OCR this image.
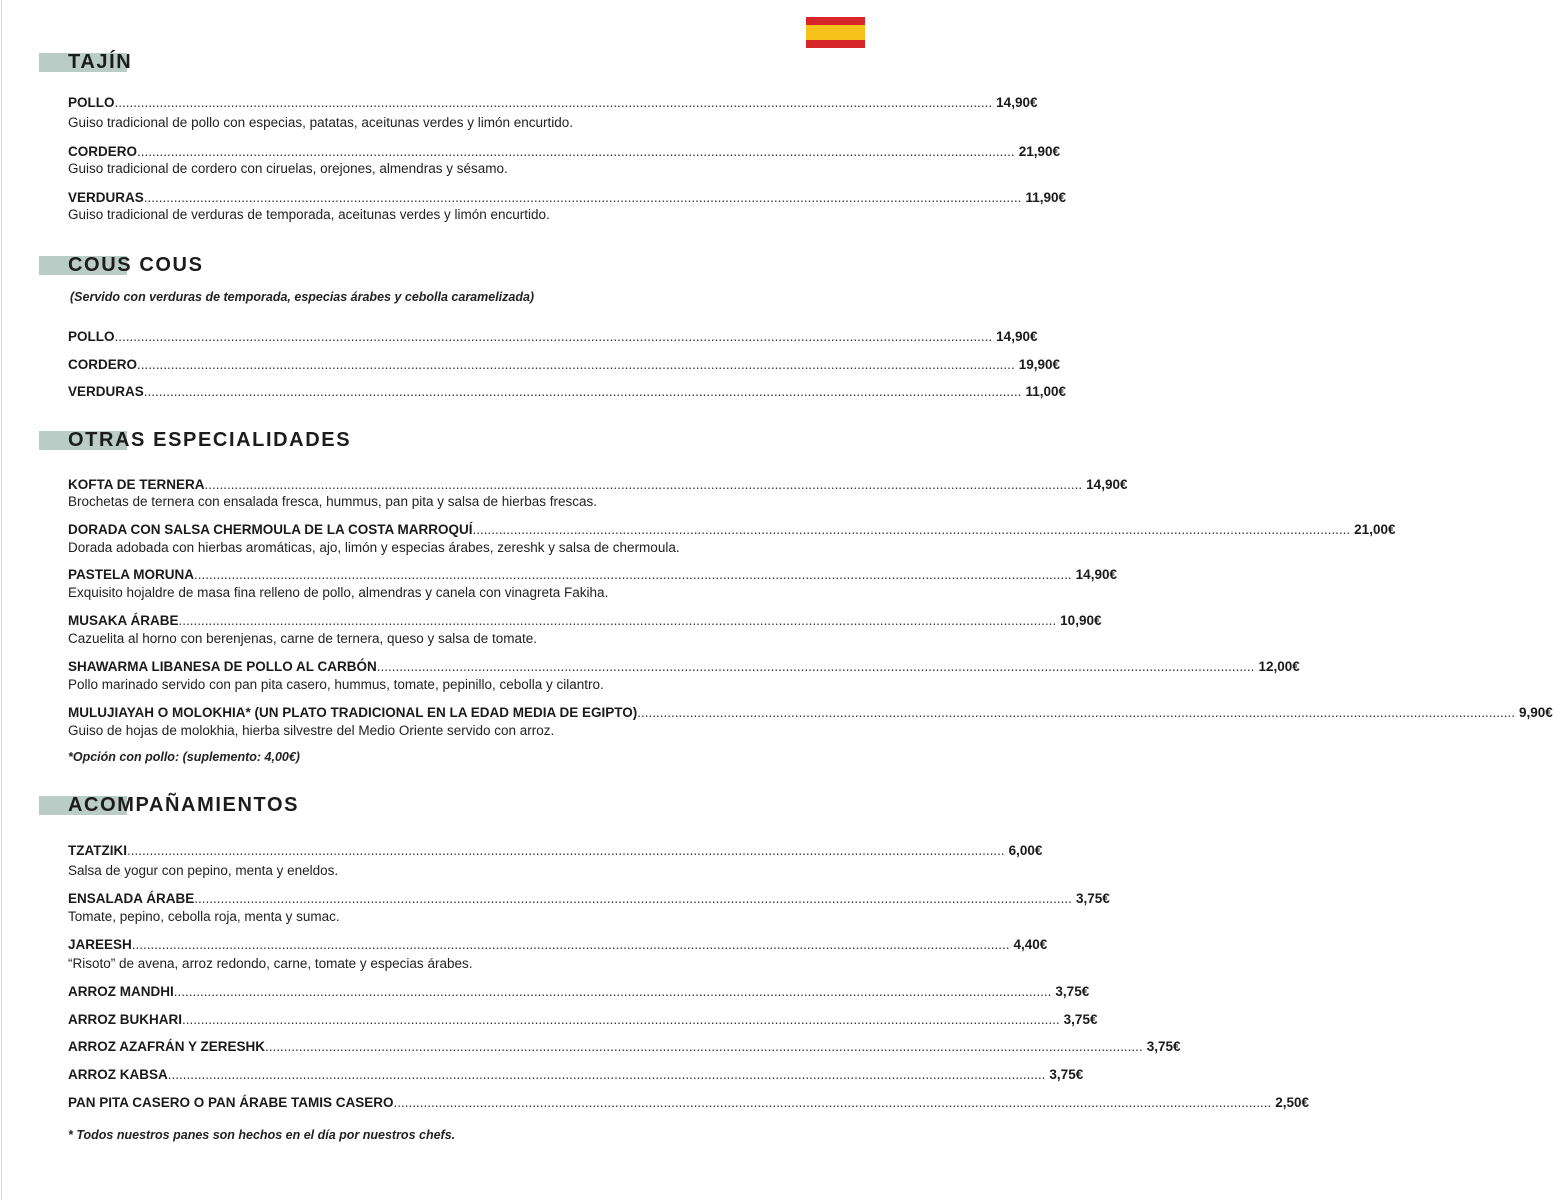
TAJÍN
POLLO .......................................................................................................................................................................................................................................... 14,90€
Guiso tradicional de pollo con especias, patatas, aceitunas verdes y limón encurtido.
CORDERO .......................................................................................................................................................................................................................................... 21,90€
Guiso tradicional de cordero con ciruelas, orejones, almendras y sésamo.
VERDURAS .......................................................................................................................................................................................................................................... 11,90€
Guiso tradicional de verduras de temporada, aceitunas verdes y limón encurtido.
COUS COUS
(Servido con verduras de temporada, especias árabes y cebolla caramelizada)
POLLO .......................................................................................................................................................................................................................................... 14,90€
CORDERO .......................................................................................................................................................................................................................................... 19,90€
VERDURAS .......................................................................................................................................................................................................................................... 11,00€
OTRAS ESPECIALIDADES
KOFTA DE TERNERA .......................................................................................................................................................................................................................................... 14,90€
Brochetas de ternera con ensalada fresca, hummus, pan pita y salsa de hierbas frescas.
DORADA CON SALSA CHERMOULA DE LA COSTA MARROQUÍ .......................................................................................................................................................................................................................................... 21,00€
Dorada adobada con hierbas aromáticas, ajo, limón y especias árabes, zereshk y salsa de chermoula.
PASTELA MORUNA .......................................................................................................................................................................................................................................... 14,90€
Exquisito hojaldre de masa fina relleno de pollo, almendras y canela con vinagreta Fakiha.
MUSAKA ÁRABE .......................................................................................................................................................................................................................................... 10,90€
Cazuelita al horno con berenjenas, carne de ternera, queso y salsa de tomate.
SHAWARMA LIBANESA DE POLLO AL CARBÓN .......................................................................................................................................................................................................................................... 12,00€
Pollo marinado servido con pan pita casero, hummus, tomate, pepinillo, cebolla y cilantro.
MULUJIAYAH O MOLOKHIA* (UN PLATO TRADICIONAL EN LA EDAD MEDIA DE EGIPTO) .......................................................................................................................................................................................................................................... 9,90€
Guiso de hojas de molokhia, hierba silvestre del Medio Oriente servido con arroz.
*Opción con pollo: (suplemento: 4,00€)
ACOMPAÑAMIENTOS
TZATZIKI .......................................................................................................................................................................................................................................... 6,00€
Salsa de yogur con pepino, menta y eneldos.
ENSALADA ÁRABE .......................................................................................................................................................................................................................................... 3,75€
Tomate, pepino, cebolla roja, menta y sumac.
JAREESH .......................................................................................................................................................................................................................................... 4,40€
“Risoto” de avena, arroz redondo, carne, tomate y especias árabes.
ARROZ MANDHI .......................................................................................................................................................................................................................................... 3,75€
ARROZ BUKHARI .......................................................................................................................................................................................................................................... 3,75€
ARROZ AZAFRÁN Y ZERESHK .......................................................................................................................................................................................................................................... 3,75€
ARROZ KABSA .......................................................................................................................................................................................................................................... 3,75€
PAN PITA CASERO O PAN ÁRABE TAMIS CASERO .......................................................................................................................................................................................................................................... 2,50€
* Todos nuestros panes son hechos en el día por nuestros chefs.
